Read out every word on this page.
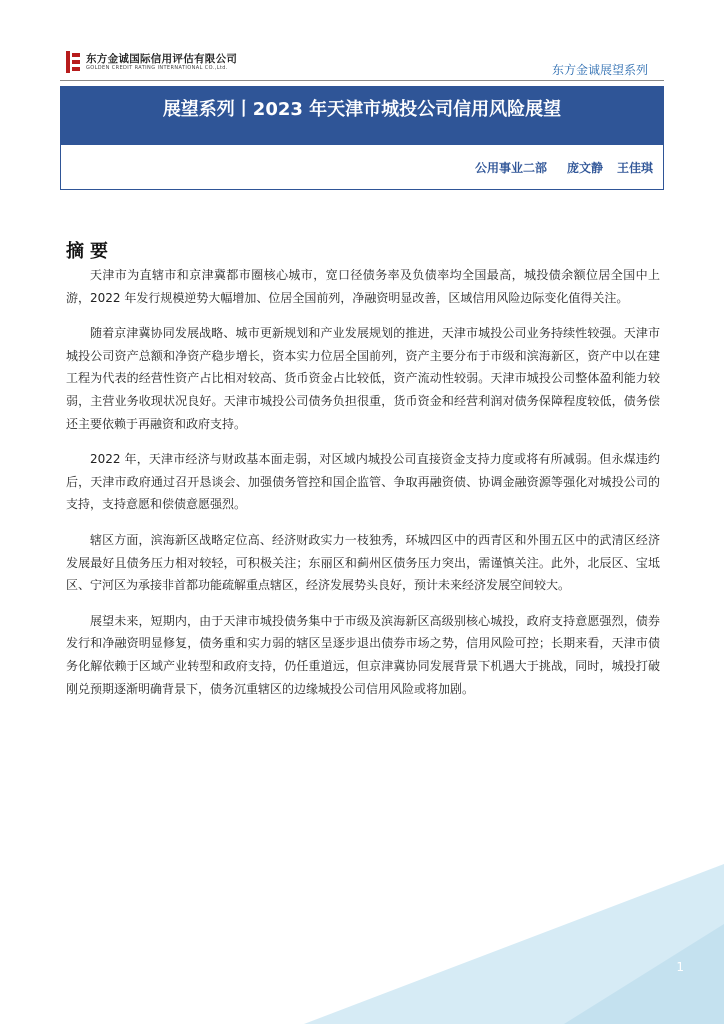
东方金诚国际信用评估有限公司
GOLDEN CREDIT RATING INTERNATIONAL CO.,Ltd.	东方金诚展望系列
展望系列丨2023 年天津市城投公司信用风险展望
公用事业二部 庞文静 王佳琪
摘要

天津市为直辖市和京津冀都市圈核心城市，宽口径债务率及负债率均全国最高，城投债余额位居全国中上游，2022 年发行规模逆势大幅增加、位居全国前列，净融资明显改善，区域信用风险边际变化值得关注。

随着京津冀协同发展战略、城市更新规划和产业发展规划的推进，天津市城投公司业务持续性较强。天津市城投公司资产总额和净资产稳步增长，资本实力位居全国前列，资产主要分布于市级和滨海新区，资产中以在建工程为代表的经营性资产占比相对较高、货币资金占比较低，资产流动性较弱。天津市城投公司整体盈利能力较弱，主营业务收现状况良好。天津市城投公司债务负担很重，货币资金和经营利润对债务保障程度较低，债务偿还主要依赖于再融资和政府支持。

2022 年，天津市经济与财政基本面走弱，对区域内城投公司直接资金支持力度或将有所减弱。但永煤违约后，天津市政府通过召开恳谈会、加强债务管控和国企监管、争取再融资债、协调金融资源等强化对城投公司的支持，支持意愿和偿债意愿强烈。

辖区方面，滨海新区战略定位高、经济财政实力一枝独秀，环城四区中的西青区和外围五区中的武清区经济发展最好且债务压力相对较轻，可积极关注；东丽区和蓟州区债务压力突出，需谨慎关注。此外，北辰区、宝坻区、宁河区为承接非首都功能疏解重点辖区，经济发展势头良好，预计未来经济发展空间较大。

展望未来，短期内，由于天津市城投债务集中于市级及滨海新区高级别核心城投，政府支持意愿强烈，债券发行和净融资明显修复，债务重和实力弱的辖区呈逐步退出债券市场之势，信用风险可控；长期来看，天津市债务化解依赖于区域产业转型和政府支持，仍任重道远，但京津冀协同发展背景下机遇大于挑战，同时，城投打破刚兑预期逐渐明确背景下，债务沉重辖区的边缘城投公司信用风险或将加剧。

1
